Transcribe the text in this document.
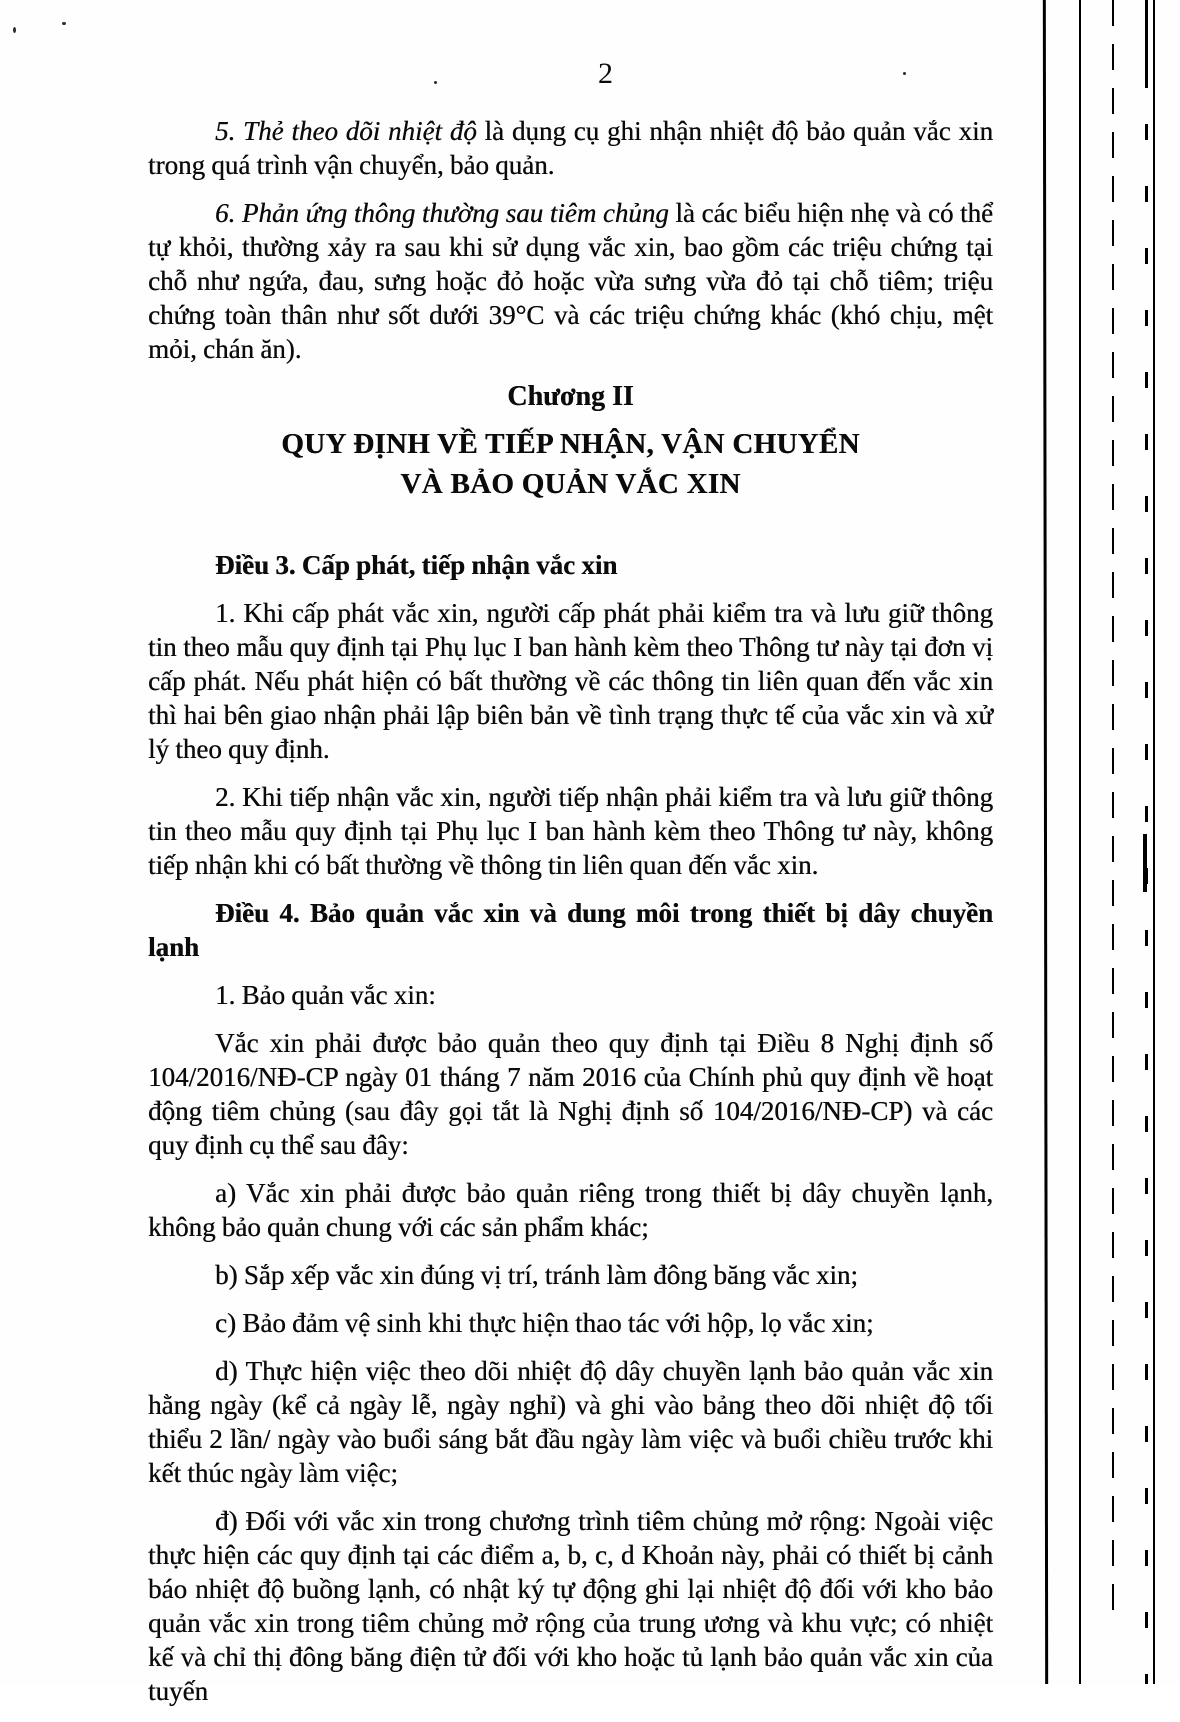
2

5. Thẻ theo dõi nhiệt độ là dụng cụ ghi nhận nhiệt độ bảo quản vắc xin trong quá trình vận chuyển, bảo quản.

6. Phản ứng thông thường sau tiêm chủng là các biểu hiện nhẹ và có thể tự khỏi, thường xảy ra sau khi sử dụng vắc xin, bao gồm các triệu chứng tại chỗ như ngứa, đau, sưng hoặc đỏ hoặc vừa sưng vừa đỏ tại chỗ tiêm; triệu chứng toàn thân như sốt dưới 39°C và các triệu chứng khác (khó chịu, mệt mỏi, chán ăn).

Chương II
QUY ĐỊNH VỀ TIẾP NHẬN, VẬN CHUYỂN
VÀ BẢO QUẢN VẮC XIN

Điều 3. Cấp phát, tiếp nhận vắc xin

1. Khi cấp phát vắc xin, người cấp phát phải kiểm tra và lưu giữ thông tin theo mẫu quy định tại Phụ lục I ban hành kèm theo Thông tư này tại đơn vị cấp phát. Nếu phát hiện có bất thường về các thông tin liên quan đến vắc xin thì hai bên giao nhận phải lập biên bản về tình trạng thực tế của vắc xin và xử lý theo quy định.

2. Khi tiếp nhận vắc xin, người tiếp nhận phải kiểm tra và lưu giữ thông tin theo mẫu quy định tại Phụ lục I ban hành kèm theo Thông tư này, không tiếp nhận khi có bất thường về thông tin liên quan đến vắc xin.

Điều 4. Bảo quản vắc xin và dung môi trong thiết bị dây chuyền lạnh

1. Bảo quản vắc xin:

Vắc xin phải được bảo quản theo quy định tại Điều 8 Nghị định số 104/2016/NĐ-CP ngày 01 tháng 7 năm 2016 của Chính phủ quy định về hoạt động tiêm chủng (sau đây gọi tắt là Nghị định số 104/2016/NĐ-CP) và các quy định cụ thể sau đây:

a) Vắc xin phải được bảo quản riêng trong thiết bị dây chuyền lạnh, không bảo quản chung với các sản phẩm khác;

b) Sắp xếp vắc xin đúng vị trí, tránh làm đông băng vắc xin;

c) Bảo đảm vệ sinh khi thực hiện thao tác với hộp, lọ vắc xin;

d) Thực hiện việc theo dõi nhiệt độ dây chuyền lạnh bảo quản vắc xin hằng ngày (kể cả ngày lễ, ngày nghỉ) và ghi vào bảng theo dõi nhiệt độ tối thiểu 2 lần/ ngày vào buổi sáng bắt đầu ngày làm việc và buổi chiều trước khi kết thúc ngày làm việc;

đ) Đối với vắc xin trong chương trình tiêm chủng mở rộng: Ngoài việc thực hiện các quy định tại các điểm a, b, c, d Khoản này, phải có thiết bị cảnh báo nhiệt độ buồng lạnh, có nhật ký tự động ghi lại nhiệt độ đối với kho bảo quản vắc xin trong tiêm chủng mở rộng của trung ương và khu vực; có nhiệt kế và chỉ thị đông băng điện tử đối với kho hoặc tủ lạnh bảo quản vắc xin của tuyến
